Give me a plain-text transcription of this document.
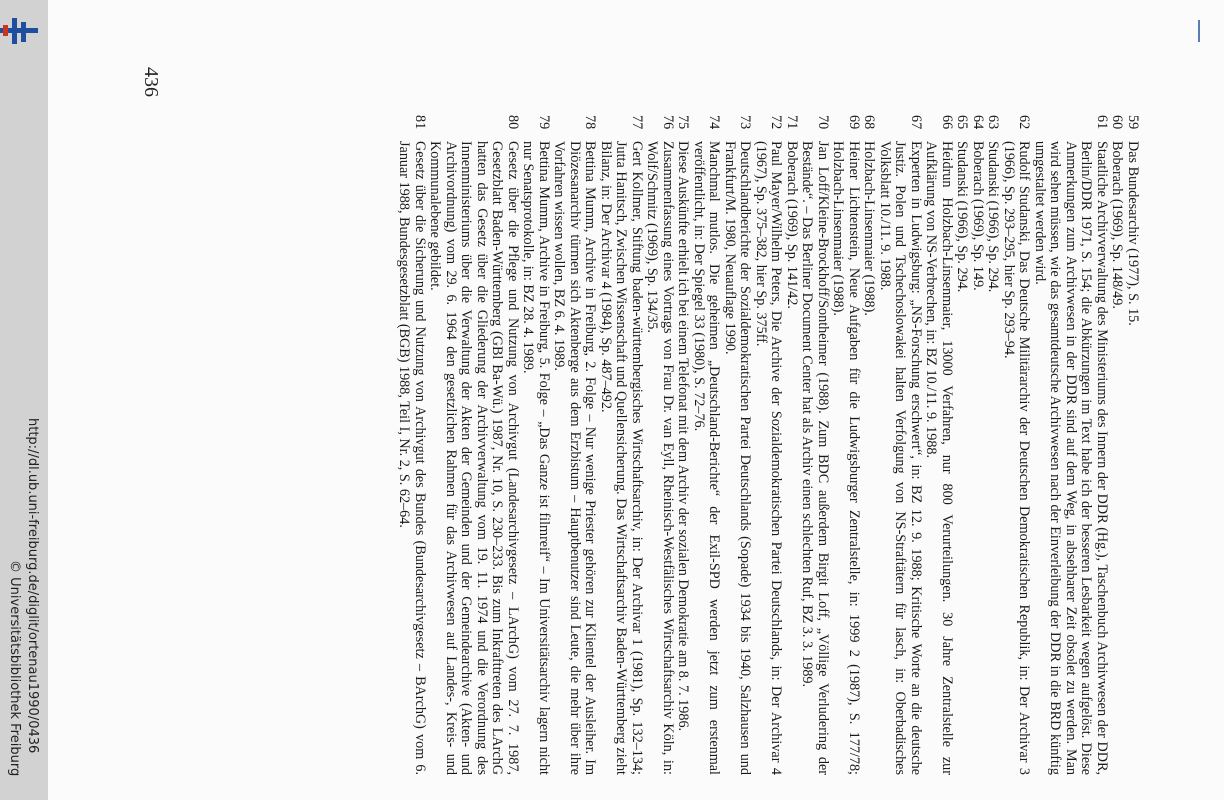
http://dl.ub.uni-freiburg.de/diglit/ortenau1990/0436
© Universitätsbibliothek Freiburg
59
Das Bundesarchiv (1977), S. 15.
60
Boberach (1969), Sp. 148/49.
61
Staatliche Archivverwaltung des Ministeriums des Innern der DDR (Hg.), Taschenbuch Archivwesen der DDR, Berlin/DDR 1971, S. 154; die Abkürzungen im Text habe ich der besseren Lesbarkeit wegen aufgelöst. Diese Anmerkungen zum Archivwesen in der DDR sind auf dem Weg, in absehbarer Zeit obsolet zu werden. Man wird sehen müssen, wie das gesamtdeutsche Archivwesen nach der Einverleibung der DDR in die BRD künftig umgestaltet werden wird.
62
Rudolf Studanski, Das Deutsche Militärarchiv der Deutschen Demokratischen Republik, in: Der Archivar 3 (1966), Sp. 293–295, hier Sp. 293–94.
63
Studanski (1966), Sp. 294.
64
Boberach (1969), Sp. 149.
65
Studanski (1966), Sp. 294.
66
Heidrun Holzbach-Linsenmaier, 13000 Verfahren, nur 800 Verurteilungen. 30 Jahre Zentralstelle zur Aufklärung von NS-Verbrechen, in: BZ 10./11. 9. 1988.
67
Experten in Ludwigsburg: „NS-Forschung erschwert“, in: BZ 12. 9. 1988; Kritische Worte an die deutsche Justiz. Polen und Tschechoslowakei halten Verfolgung von NS-Straftätern für lasch, in: Oberbadisches Volksblatt 10./11. 9. 1988.
68
Holzbach-Linsenmaier (1988).
69
Heiner Lichtenstein, Neue Aufgaben für die Ludwigsburger Zentralstelle, in: 1999 2 (1987), S. 177/78; Holzbach-Linsenmaier (1988).
70
Jan Loff/Kleine-Brockhoff/Sontheimer (1988). Zum BDC außerdem Birgit Loff, „Völlige Verludering der Bestände“. – Das Berliner Document Center hat als Archiv einen schlechten Ruf, BZ 3. 3. 1989.
71
Boberach (1969), Sp. 141/42.
72
Paul Mayer/Wilhelm Peters, Die Archive der Sozialdemokratischen Partei Deutschlands, in: Der Archivar 4 (1967), Sp. 375–382, hier Sp. 375ff.
73
Deutschlandberichte der Sozialdemokratischen Partei Deutschlands (Sopade) 1934 bis 1940, Salzhausen und Frankfurt/M. 1980, Neuauflage 1990.
74
Manchmal mutlos. Die geheimen „Deutschland-Berichte“ der Exil-SPD werden jetzt zum erstenmal veröffentlicht, in: Der Spiegel 33 (1980), S. 72–76.
75
Diese Auskünfte erhielt ich bei einem Telefonat mit dem Archiv der sozialen Demokratie am 8. 7. 1986.
76
Zusammenfassung eines Vortrags von Frau Dr. van Eyll, Rheinisch-Westfälisches Wirtschaftsarchiv Köln, in: Wolf/Schmitz (1969), Sp. 134/35.
77
Gert Kollmer, Stiftung baden-württembergisches Wirtschaftsarchiv, in: Der Archivar 1 (1981), Sp. 132–134; Jutta Hanitsch, Zwischen Wissenschaft und Quellensicherung. Das Wirtschaftsarchiv Baden-Württemberg zieht Bilanz, in: Der Archivar 4 (1984), Sp. 487–492.
78
Bettina Mumm, Archive in Freiburg, 2. Folge – Nur wenige Priester gehören zur Klientel der Ausleiher. Im Diözesanarchiv türmen sich Aktenberge aus dem Erzbistum – Hauptbenutzer sind Leute, die mehr über ihre Vorfahren wissen wollen, BZ 6. 4. 1989.
79
Bettina Mumm, Archive in Freiburg, 5. Folge – „Das Ganze ist filmreif“ – Im Universitätsarchiv lagern nicht nur Senatsprotokolle, in: BZ 28. 4. 1989.
80
Gesetz über die Pflege und Nutzung von Archivgut (Landesarchivgesetz – LArchG) vom 27. 7. 1987, Gesetzblatt Baden-Württemberg (GBl Ba-Wü.) 1987, Nr. 10, S. 230–233. Bis zum Inkrafttreten des LArchG hatten das Gesetz über die Gliederung der Archivverwaltung vom 19. 11. 1974 und die Verordnung des Innenministeriums über die Verwaltung der Akten der Gemeinden und der Gemeindearchive (Akten- und Archivordnung) vom 29. 6. 1964 den gesetzlichen Rahmen für das Archivwesen auf Landes-, Kreis- und Kommunalebene gebildet.
81
Gesetz über die Sicherung und Nutzung von Archivgut des Bundes (Bundesarchivgesetz – BArchG) vom 6. Januar 1988, Bundesgesetzblatt (BGB) 1988, Teil I, Nr. 2, S. 62–64.
436
